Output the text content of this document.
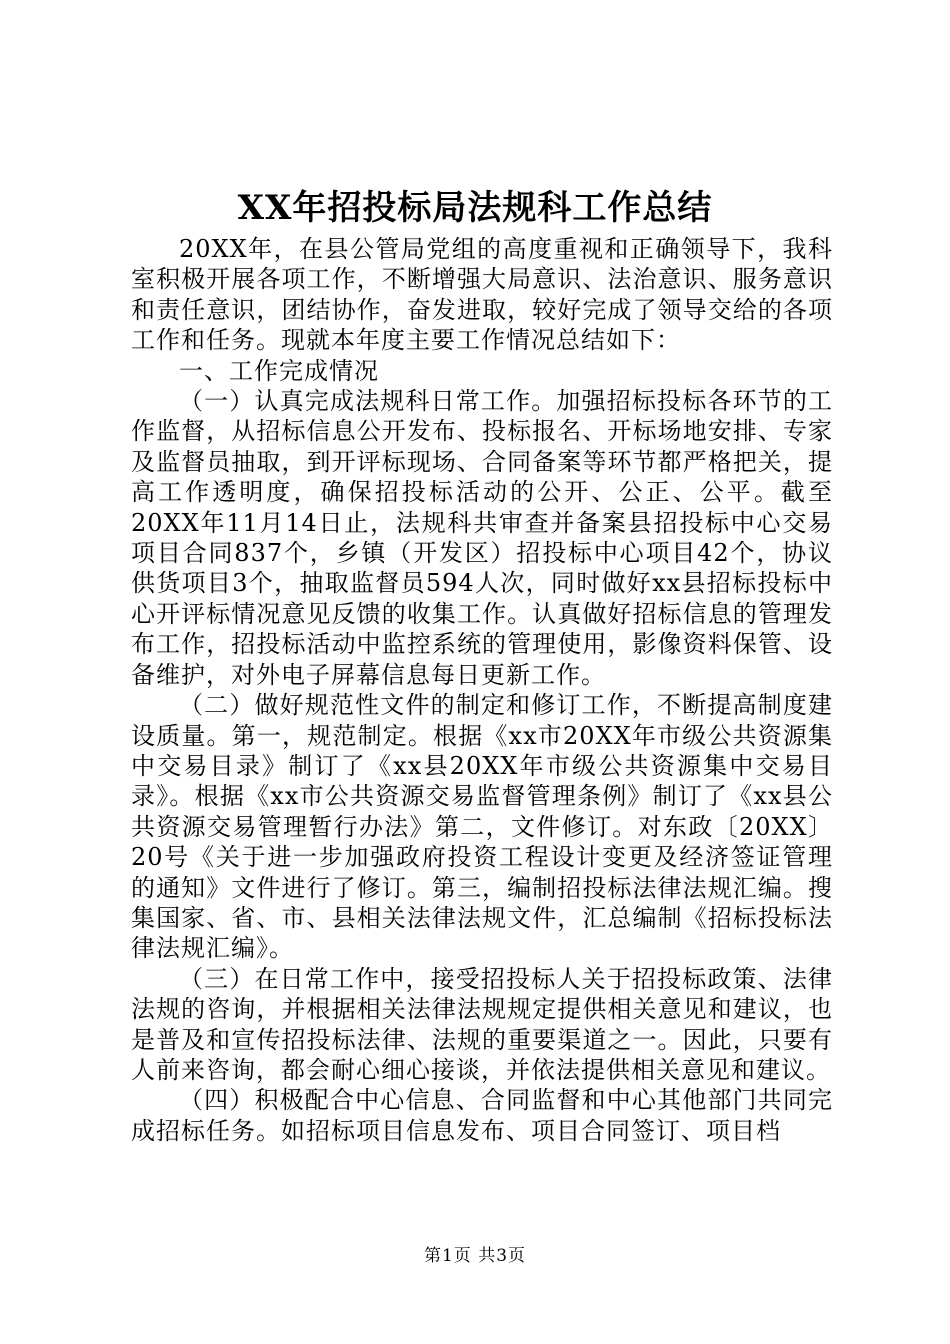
XX年招投标局法规科工作总结

20XX年，在县公管局党组的高度重视和正确领导下，我科室积极开展各项工作，不断增强大局意识、法治意识、服务意识和责任意识，团结协作，奋发进取，较好完成了领导交给的各项工作和任务。现就本年度主要工作情况总结如下：

一、工作完成情况

（一）认真完成法规科日常工作。加强招标投标各环节的工作监督，从招标信息公开发布、投标报名、开标场地安排、专家及监督员抽取，到开评标现场、合同备案等环节都严格把关，提高工作透明度，确保招投标活动的公开、公正、公平。截至20XX年11月14日止，法规科共审查并备案县招投标中心交易项目合同837个，乡镇（开发区）招投标中心项目42个，协议供货项目3个，抽取监督员594人次，同时做好xx县招标投标中心开评标情况意见反馈的收集工作。认真做好招标信息的管理发布工作，招投标活动中监控系统的管理使用，影像资料保管、设备维护，对外电子屏幕信息每日更新工作。

（二）做好规范性文件的制定和修订工作，不断提高制度建设质量。第一，规范制定。根据《xx市20XX年市级公共资源集中交易目录》制订了《xx县20XX年市级公共资源集中交易目录》。根据《xx市公共资源交易监督管理条例》制订了《xx县公共资源交易管理暂行办法》第二，文件修订。对东政〔20XX〕20号《关于进一步加强政府投资工程设计变更及经济签证管理的通知》文件进行了修订。第三，编制招投标法律法规汇编。搜集国家、省、市、县相关法律法规文件，汇总编制《招标投标法律法规汇编》。

（三）在日常工作中，接受招投标人关于招投标政策、法律法规的咨询，并根据相关法律法规规定提供相关意见和建议，也是普及和宣传招投标法律、法规的重要渠道之一。因此，只要有人前来咨询，都会耐心细心接谈，并依法提供相关意见和建议。

（四）积极配合中心信息、合同监督和中心其他部门共同完成招标任务。如招标项目信息发布、项目合同签订、项目档

第1页 共3页
